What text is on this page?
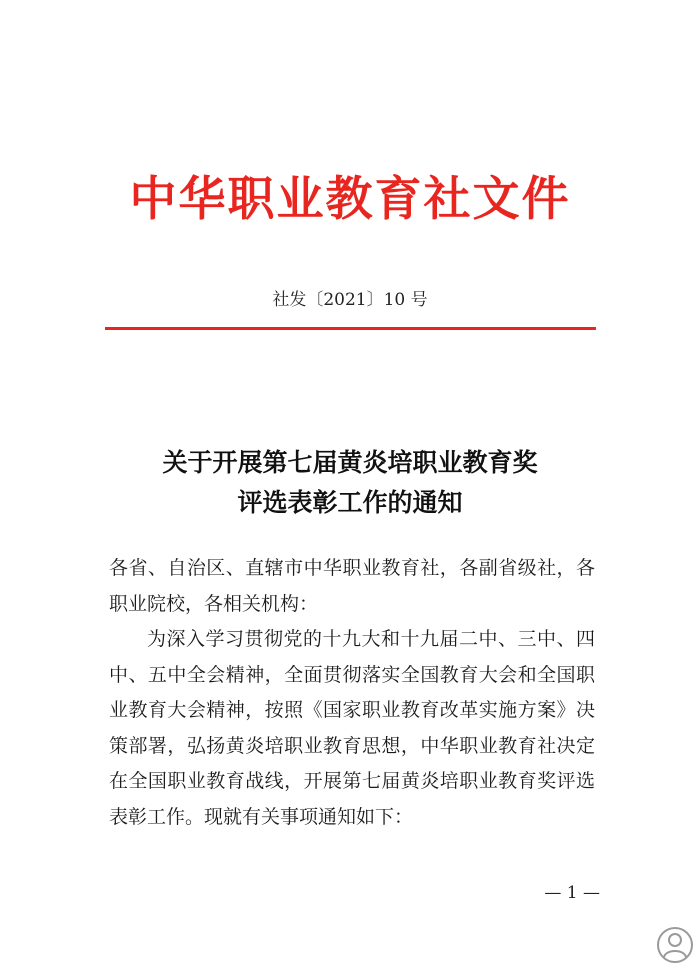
中华职业教育社文件
社发〔2021〕10 号
关于开展第七届黄炎培职业教育奖
评选表彰工作的通知

各省、自治区、直辖市中华职业教育社，各副省级社，各职业院校，各相关机构：

为深入学习贯彻党的十九大和十九届二中、三中、四中、五中全会精神，全面贯彻落实全国教育大会和全国职业教育大会精神，按照《国家职业教育改革实施方案》决策部署，弘扬黄炎培职业教育思想，中华职业教育社决定在全国职业教育战线，开展第七届黄炎培职业教育奖评选表彰工作。现就有关事项通知如下：

— 1 —
